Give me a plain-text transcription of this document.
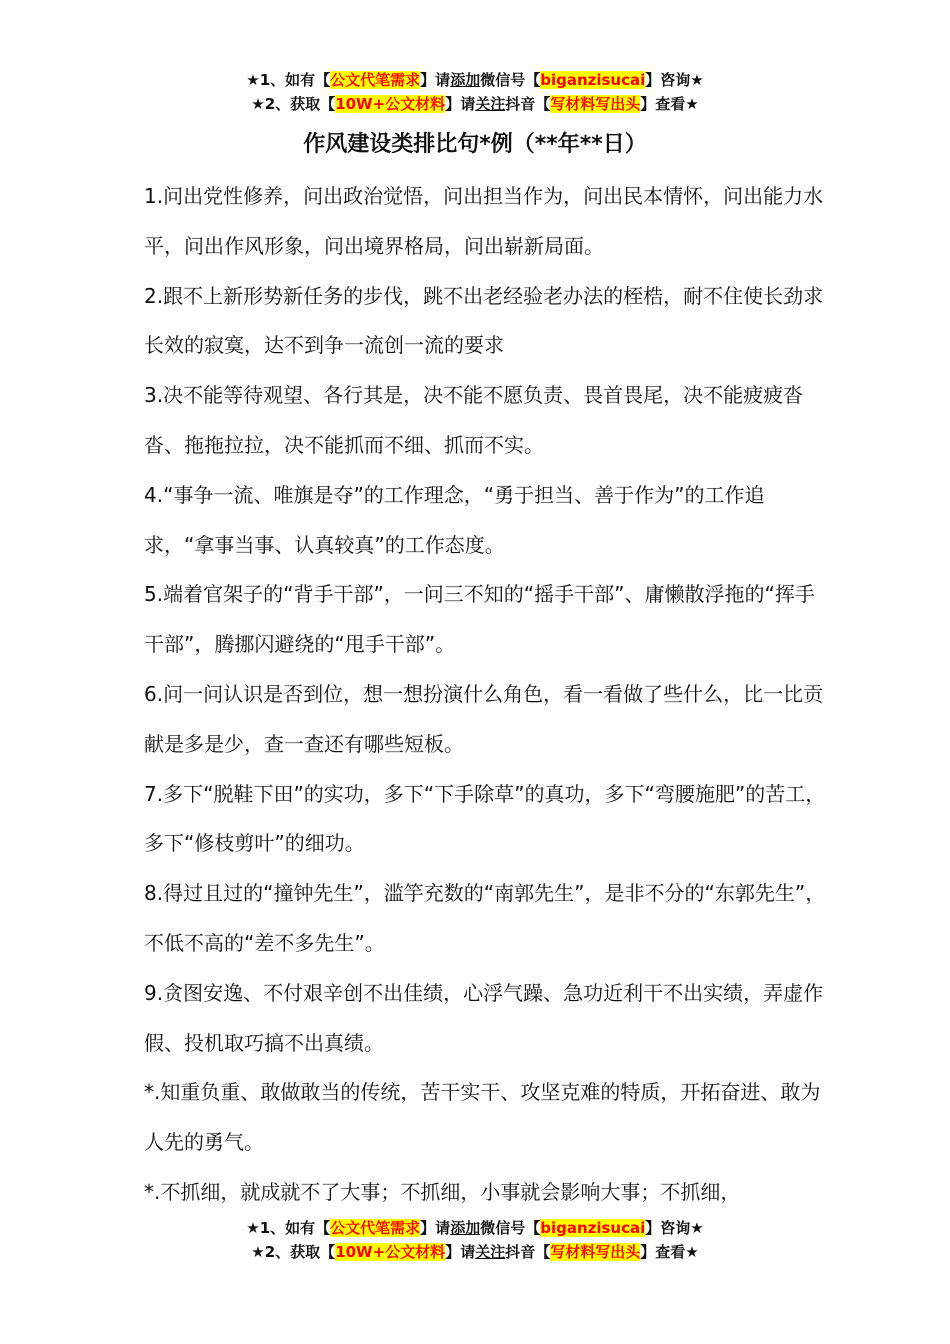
★1、如有【公文代笔需求】请添加微信号【biganzisucai】咨询★
★2、获取【10W+公文材料】请关注抖音【写材料写出头】查看★
作风建设类排比句*例（**年**日）

1.问出党性修养，问出政治觉悟，问出担当作为，问出民本情怀，问出能力水平，问出作风形象，问出境界格局，问出崭新局面。

2.跟不上新形势新任务的步伐，跳不出老经验老办法的桎梏，耐不住使长劲求长效的寂寞，达不到争一流创一流的要求

3.决不能等待观望、各行其是，决不能不愿负责、畏首畏尾，决不能疲疲沓沓、拖拖拉拉，决不能抓而不细、抓而不实。

4.“事争一流、唯旗是夺”的工作理念，“勇于担当、善于作为”的工作追求，“拿事当事、认真较真”的工作态度。

5.端着官架子的“背手干部”，一问三不知的“摇手干部”、庸懒散浮拖的“挥手干部”，腾挪闪避绕的“甩手干部”。

6.问一问认识是否到位，想一想扮演什么角色，看一看做了些什么，比一比贡献是多是少，查一查还有哪些短板。

7.多下“脱鞋下田”的实功，多下“下手除草”的真功，多下“弯腰施肥”的苦工，多下“修枝剪叶”的细功。

8.得过且过的“撞钟先生”，滥竽充数的“南郭先生”，是非不分的“东郭先生”，不低不高的“差不多先生”。

9.贪图安逸、不付艰辛创不出佳绩，心浮气躁、急功近利干不出实绩，弄虚作假、投机取巧搞不出真绩。

*.知重负重、敢做敢当的传统，苦干实干、攻坚克难的特质，开拓奋进、敢为人先的勇气。

*.不抓细，就成就不了大事；不抓细，小事就会影响大事；不抓细，

★1、如有【公文代笔需求】请添加微信号【biganzisucai】咨询★
★2、获取【10W+公文材料】请关注抖音【写材料写出头】查看★
